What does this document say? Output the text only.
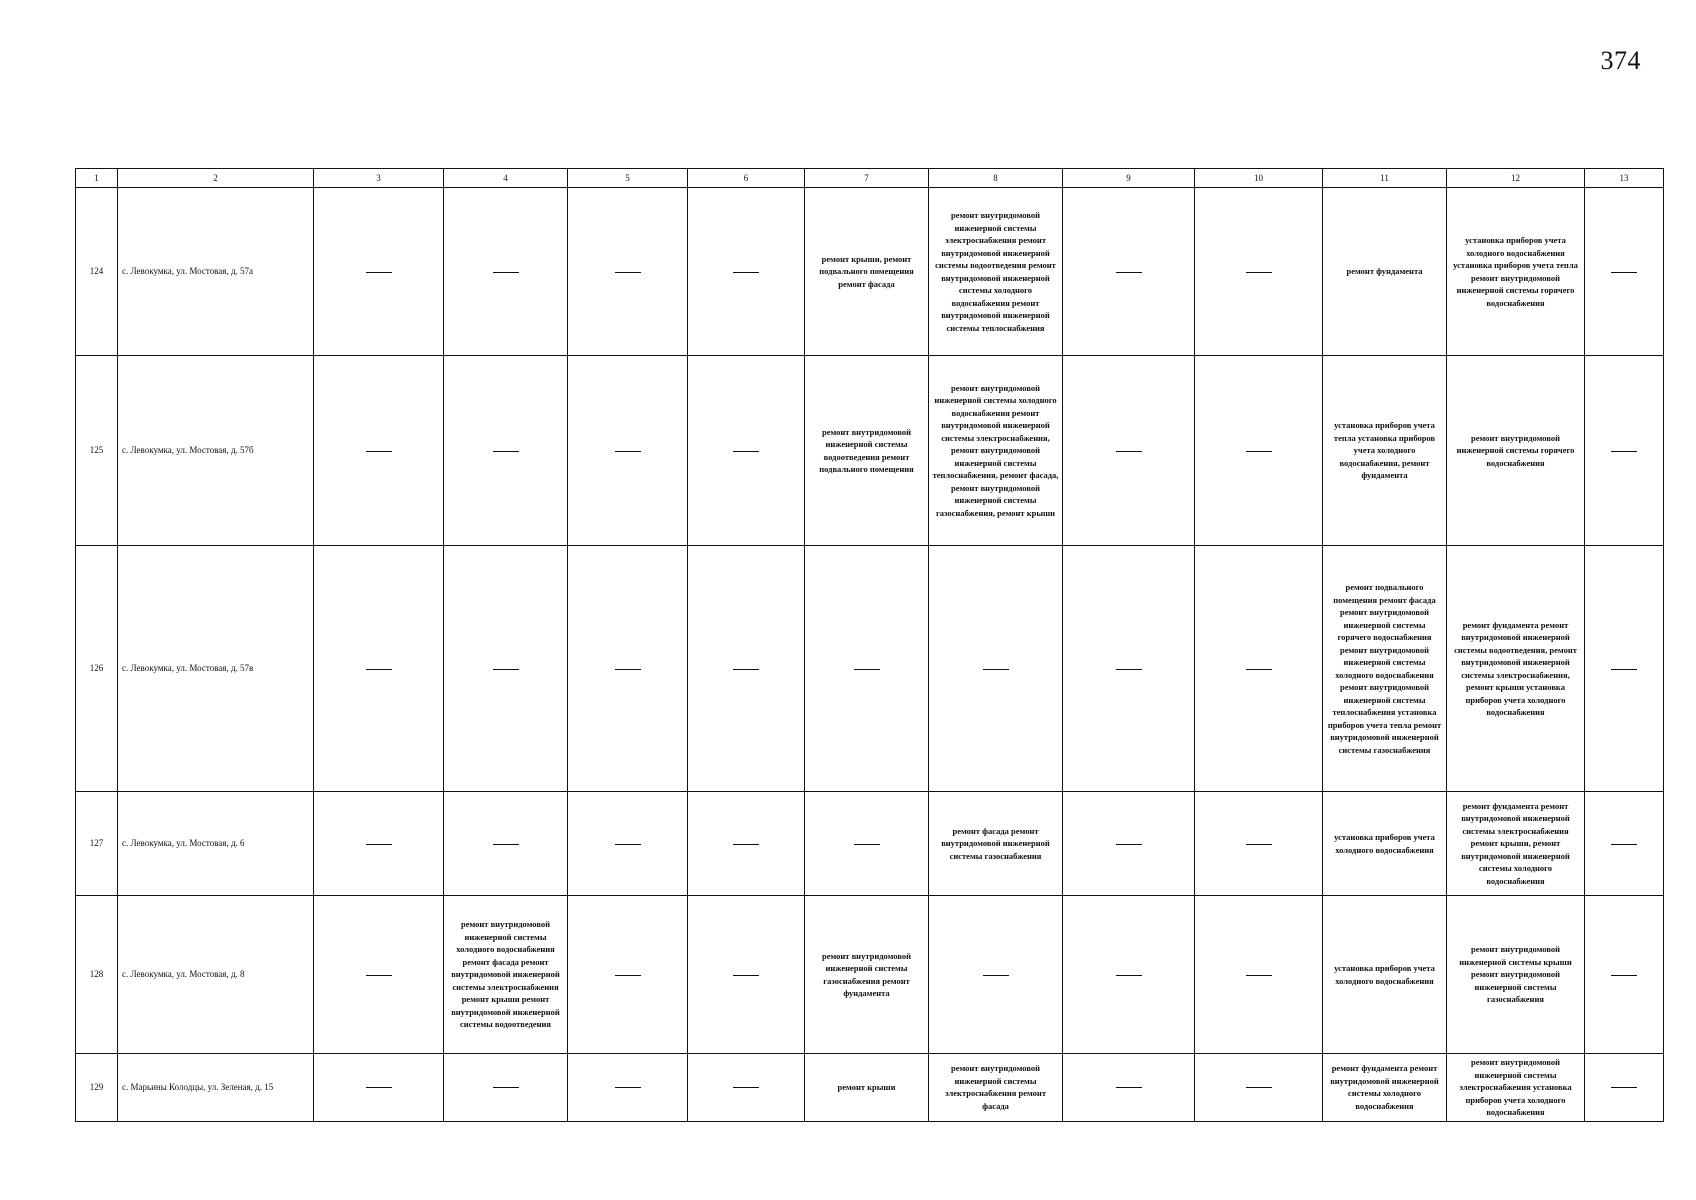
374
1	2	3	4	5	6	7	8	9	10	11	12	13
124	с. Левокумка, ул. Мостовая, д. 57а					ремонт крыши, ремонт подвального помещения ремонт фасада	ремонт внутридомовой инженерной системы электроснабжения ремонт внутридомовой инженерной системы водоотведения ремонт внутридомовой инженерной системы холодного водоснабжения ремонт внутридомовой инженерной системы теплоснабжения			ремонт фундамента	установка приборов учета холодного водоснабжения установка приборов учета тепла ремонт внутридомовой инженерной системы горячего водоснабжения	
125	с. Левокумка, ул. Мостовая, д. 57б					ремонт внутридомовой инженерной системы водоотведения ремонт подвального помещения	ремонт внутридомовой инженерной системы холодного водоснабжения ремонт внутридомовой инженерной системы электроснабжения, ремонт внутридомовой инженерной системы теплоснабжения, ремонт фасада, ремонт внутридомовой инженерной системы газоснабжения, ремонт крыши			установка приборов учета тепла установка приборов учета холодного водоснабжения, ремонт фундамента	ремонт внутридомовой инженерной системы горячего водоснабжения	
126	с. Левокумка, ул. Мостовая, д. 57в									ремонт подвального помещения ремонт фасада ремонт внутридомовой инженерной системы горячего водоснабжения ремонт внутридомовой инженерной системы холодного водоснабжения ремонт внутридомовой инженерной системы теплоснабжения установка приборов учета тепла ремонт внутридомовой инженерной системы газоснабжения	ремонт фундамента ремонт внутридомовой инженерной системы водоотведения, ремонт внутридомовой инженерной системы электроснабжения, ремонт крыши установка приборов учета холодного водоснабжения	
127	с. Левокумка, ул. Мостовая, д. 6						ремонт фасада ремонт внутридомовой инженерной системы газоснабжения			установка приборов учета холодного водоснабжения	ремонт фундамента ремонт внутридомовой инженерной системы электроснабжения ремонт крыши, ремонт внутридомовой инженерной системы холодного водоснабжения	
128	с. Левокумка, ул. Мостовая, д. 8		ремонт внутридомовой инженерной системы холодного водоснабжения ремонт фасада ремонт внутридомовой инженерной системы электроснабжения ремонт крыши ремонт внутридомовой инженерной системы водоотведения			ремонт внутридомовой инженерной системы газоснабжения ремонт фундамента				установка приборов учета холодного водоснабжения	ремонт внутридомовой инженерной системы крыши ремонт внутридомовой инженерной системы газоснабжения	
129	с. Марьины Колодцы, ул. Зеленая, д. 15					ремонт крыши	ремонт внутридомовой инженерной системы электроснабжения ремонт фасада			ремонт фундамента ремонт внутридомовой инженерной системы холодного водоснабжения	ремонт внутридомовой инженерной системы электроснабжения установка приборов учета холодного водоснабжения	
